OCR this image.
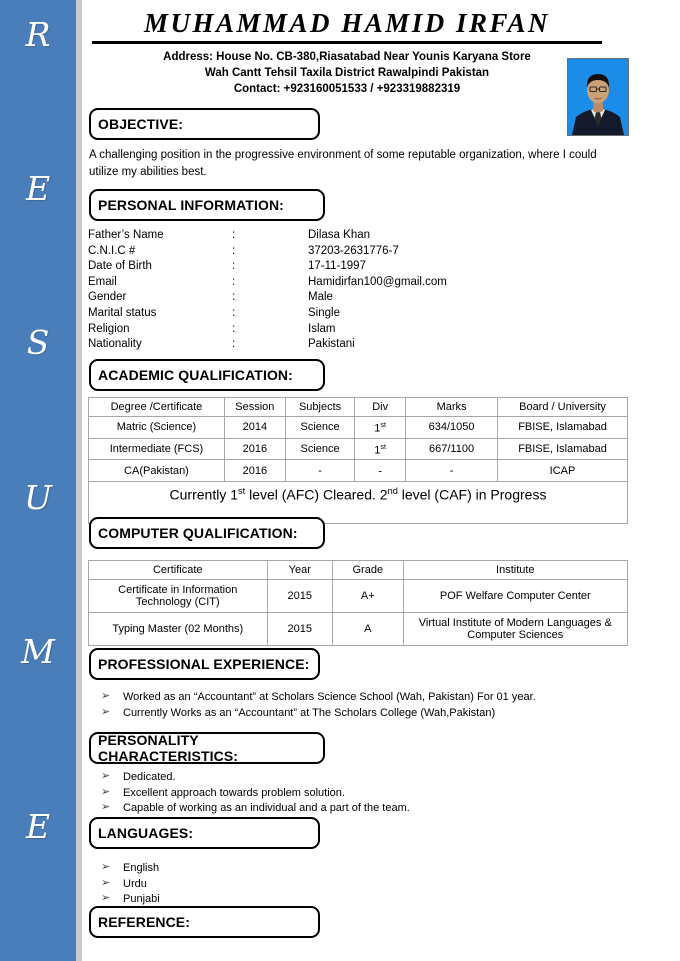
R
E
S
U
M
E
MUHAMMAD HAMID IRFAN
Address: House No. CB-380,Riasatabad Near Younis Karyana Store
Wah Cantt Tehsil Taxila District Rawalpindi Pakistan
Contact: +923160051533 / +923319882319
OBJECTIVE:
A challenging position in the progressive environment of some reputable organization, where I could utilize my abilities best.
PERSONAL INFORMATION:
Father’s Name	:	Dilasa Khan
C.N.I.C #	:	37203-2631776-7
Date of Birth	:	17-11-1997
Email	:	Hamidirfan100@gmail.com
Gender	:	Male
Marital status	:	Single
Religion	:	Islam
Nationality	:	Pakistani
ACADEMIC QUALIFICATION:
Degree /Certificate	Session	Subjects	Div	Marks	Board / University
Matric (Science)	2014	Science	1st	634/1050	FBISE, Islamabad
Intermediate (FCS)	2016	Science	1st	667/1100	FBISE, Islamabad
CA(Pakistan)	2016	-	-	-	ICAP
Currently 1st level (AFC) Cleared. 2nd level (CAF) in Progress					
COMPUTER QUALIFICATION:
Certificate	Year	Grade	Institute
Certificate in Information Technology (CIT)	2015	A+	POF Welfare Computer Center
Typing Master (02 Months)	2015	A	Virtual Institute of Modern Languages & Computer Sciences
PROFESSIONAL EXPERIENCE:
➢ Worked as an “Accountant” at Scholars Science School (Wah, Pakistan) For 01 year.
➢ Currently Works as an “Accountant” at The Scholars College (Wah,Pakistan)
PERSONALITY CHARACTERISTICS:
➢ Dedicated.
➢ Excellent approach towards problem solution.
➢ Capable of working as an individual and a part of the team.
LANGUAGES:
➢ English
➢ Urdu
➢ Punjabi
REFERENCE:
